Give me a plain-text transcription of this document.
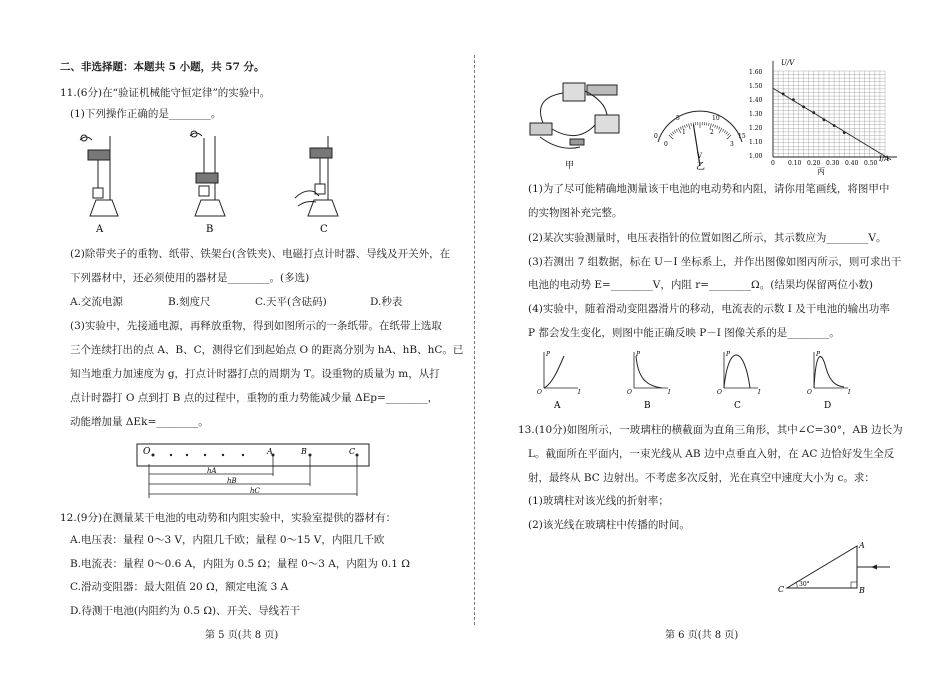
二、非选择题：本题共 5 小题，共 57 分。
11.(6分)在“验证机械能守恒定律”的实验中。
(1)下列操作正确的是________。
A	B	C
(2)除带夹子的重物、纸带、铁架台(含铁夹)、电磁打点计时器、导线及开关外，在
下列器材中，还必须使用的器材是________。(多选)
A.交流电源	B.刻度尺	C.天平(含砝码)	D.秒表
(3)实验中，先接通电源，再释放重物，得到如图所示的一条纸带。在纸带上选取
三个连续打出的点 A、B、C，测得它们到起始点 O 的距离分别为 hA、hB、hC。已
知当地重力加速度为 g，打点计时器打点的周期为 T。设重物的质量为 m，从打
点计时器打 O 点到打 B 点的过程中，重物的重力势能减少量 ΔEp=________，
动能增加量 ΔEk=________。
O	A	B	C
hA
hB
hC
12.(9分)在测量某干电池的电动势和内阻实验中，实验室提供的器材有：
A.电压表：量程 0～3 V，内阻几千欧；量程 0～15 V，内阻几千欧
B.电流表：量程 0～0.6 A，内阻为 0.5 Ω；量程 0～3 A，内阻为 0.1 Ω
C.滑动变阻器：最大阻值 20 Ω，额定电流 3 A
D.待测干电池(内阻约为 0.5 Ω)、开关、导线若干
第 5 页(共 8 页)
甲
0
5	10
15
0
1	2
3
V
乙
U/V
I/A
1.60
1.50
1.40
1.30
1.20
1.10
1.00
0 0.10 0.20 0.30 0.40 0.50
丙
(1)为了尽可能精确地测量该干电池的电动势和内阻，请你用笔画线，将图甲中
的实物图补充完整。
(2)某次实验测量时，电压表指针的位置如图乙所示，其示数应为________V。
(3)若测出 7 组数据，标在 U－I 坐标系上，并作出图像如图丙所示，则可求出干
电池的电动势 E=________V，内阻 r=________Ω。(结果均保留两位小数)
(4)实验中，随着滑动变阻器滑片的移动，电流表的示数 I 及干电池的输出功率
P 都会发生变化，则图中能正确反映 P－I 图像关系的是________。
P
I
O
A
P
I
O
B
P
I
O
C
P
I
O
D
13.(10分)如图所示，一玻璃柱的横截面为直角三角形，其中∠C=30°，AB 边长为
L。截面所在平面内，一束光线从 AB 边中点垂直入射，在 AC 边恰好发生全反
射，最终从 BC 边射出。不考虑多次反射，光在真空中速度大小为 c。求：
(1)玻璃柱对该光线的折射率；
(2)该光线在玻璃柱中传播的时间。
A
B
C
30°
第 6 页(共 8 页)
